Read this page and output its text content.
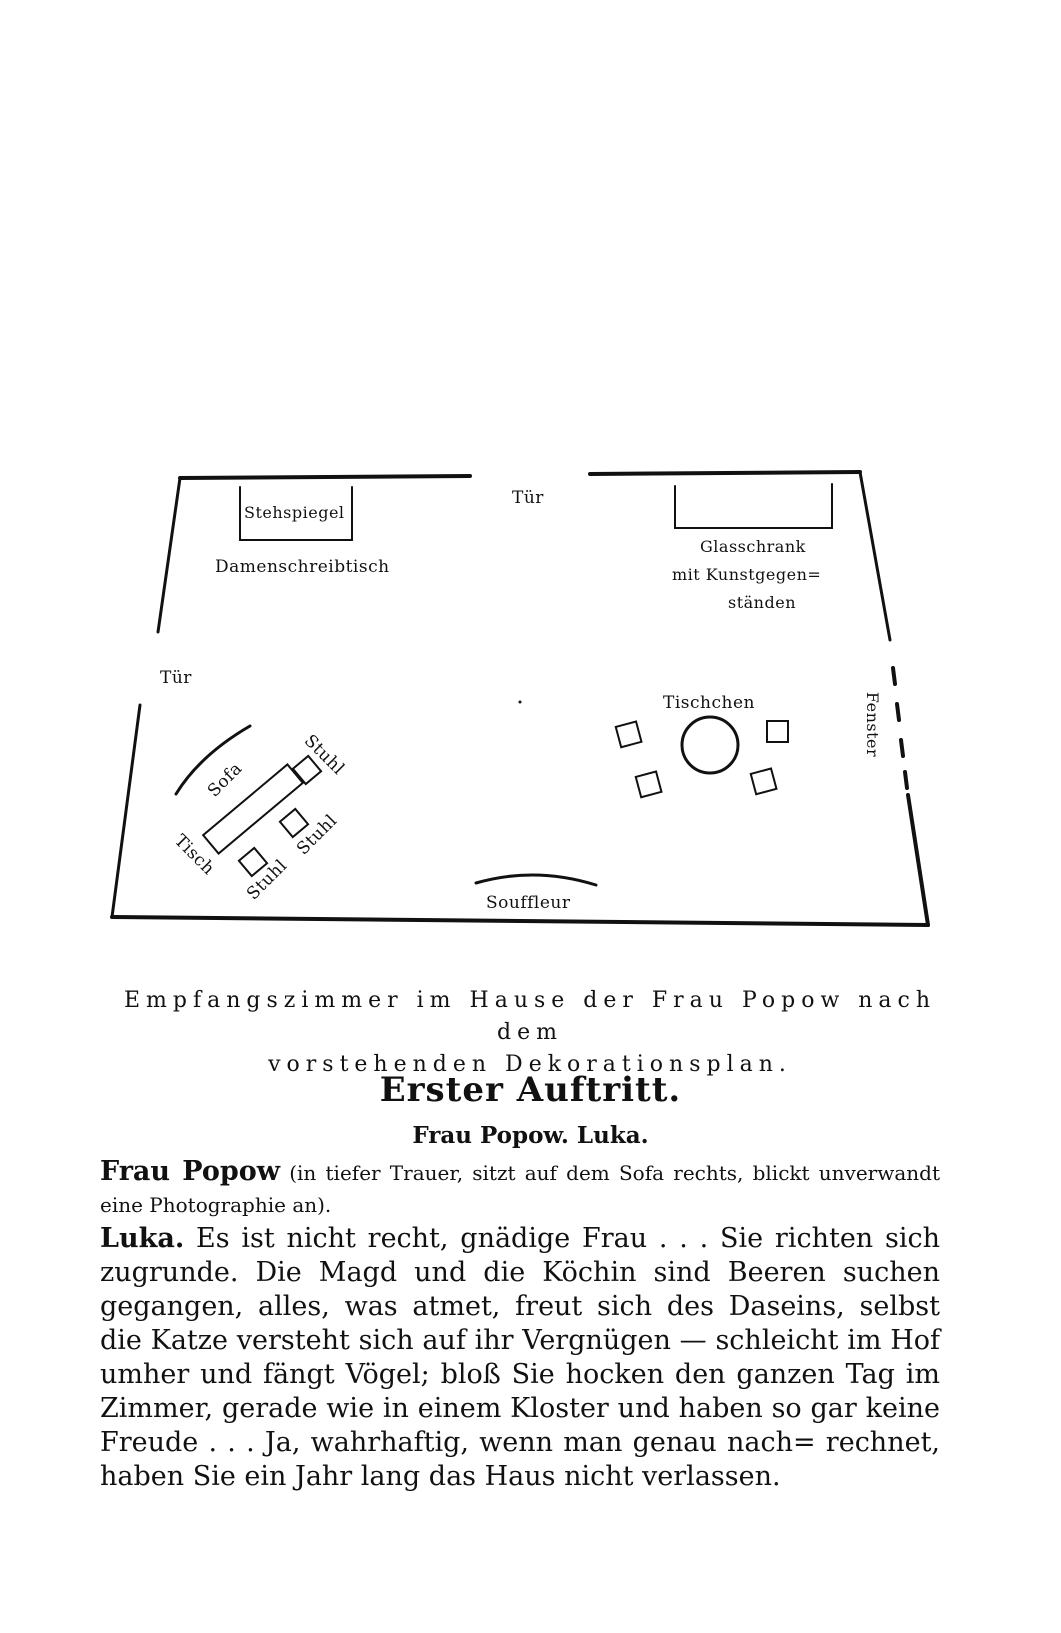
Tür
Stehspiegel
Damenschreibtisch
Glasschrank
mit Kunstgegen=
ständen
Tür
Tischchen	Fenster
Sofa
Stuhl
Tisch	Stuhl
Stuhl	Souffleur
Empfangszimmer im Hause der Frau Popow nach dem
vorstehenden Dekorationsplan.
Erster Auftritt.
Frau Popow. Luka.
Frau Popow (in tiefer Trauer, sitzt auf dem Sofa rechts, blickt unverwandt eine Photographie an).
Luka. Es ist nicht recht, gnädige Frau . . . Sie richten sich zugrunde. Die Magd und die Köchin sind Beeren suchen gegangen, alles, was atmet, freut sich des Daseins, selbst die Katze versteht sich auf ihr Vergnügen — schleicht im Hof umher und fängt Vögel; bloß Sie hocken den ganzen Tag im Zimmer, gerade wie in einem Kloster und haben so gar keine Freude . . . Ja, wahrhaftig, wenn man genau nach= rechnet, haben Sie ein Jahr lang das Haus nicht verlassen.
